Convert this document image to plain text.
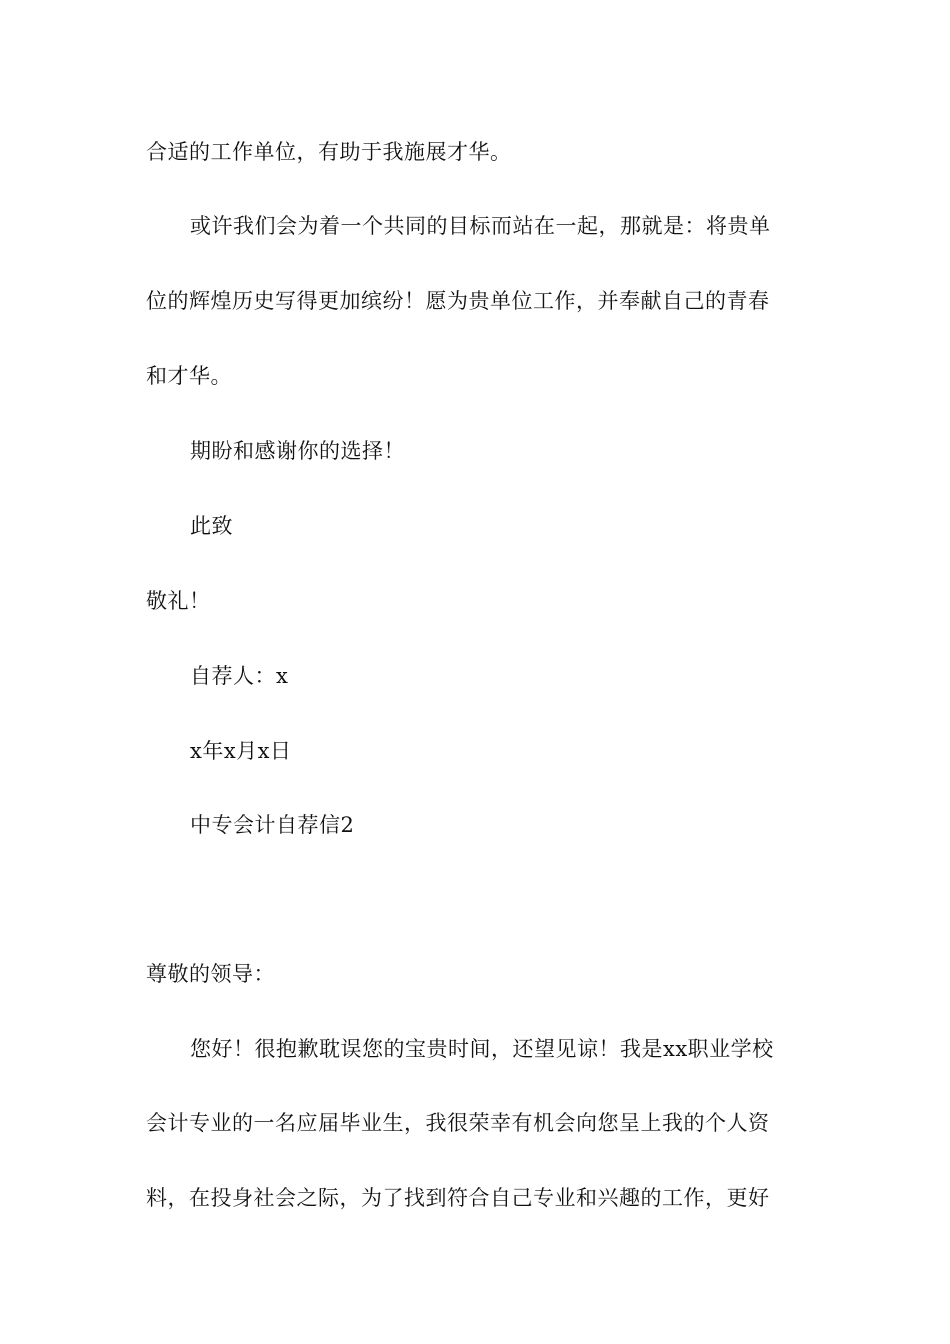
合适的工作单位，有助于我施展才华。
或许我们会为着一个共同的目标而站在一起，那就是：将贵单
位的辉煌历史写得更加缤纷！愿为贵单位工作，并奉献自己的青春
和才华。
期盼和感谢你的选择！
此致
敬礼！
自荐人：x
x年x月x日
中专会计自荐信2
尊敬的领导：
您好！很抱歉耽误您的宝贵时间，还望见谅！我是xx职业学校
会计专业的一名应届毕业生，我很荣幸有机会向您呈上我的个人资
料，在投身社会之际，为了找到符合自己专业和兴趣的工作，更好
